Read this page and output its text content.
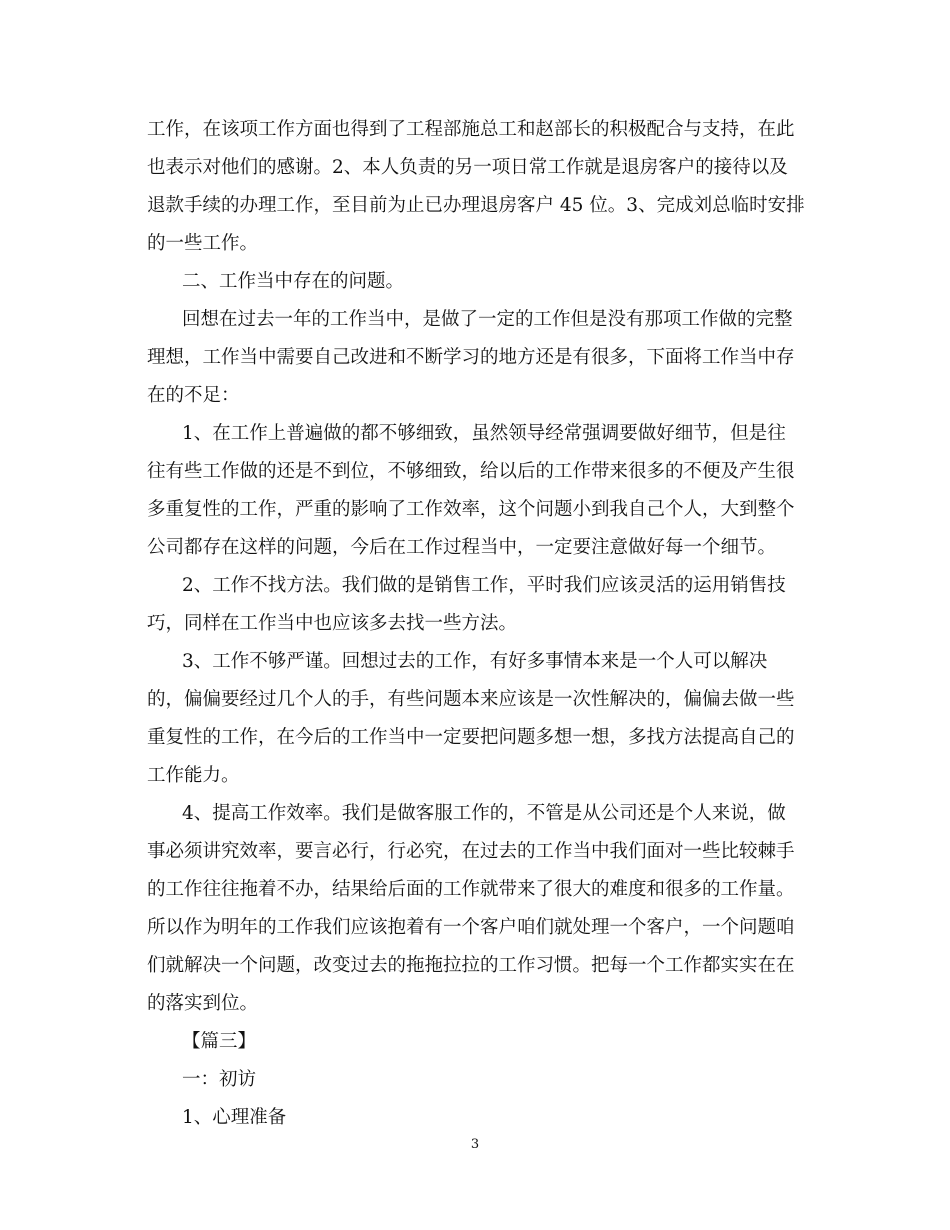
工作，在该项工作方面也得到了工程部施总工和赵部长的积极配合与支持，在此
也表示对他们的感谢。2、本人负责的另一项日常工作就是退房客户的接待以及
退款手续的办理工作，至目前为止已办理退房客户 45 位。3、完成刘总临时安排
的一些工作。
二、工作当中存在的问题。
回想在过去一年的工作当中，是做了一定的工作但是没有那项工作做的完整
理想，工作当中需要自己改进和不断学习的地方还是有很多，下面将工作当中存
在的不足：
1、在工作上普遍做的都不够细致，虽然领导经常强调要做好细节，但是往
往有些工作做的还是不到位，不够细致，给以后的工作带来很多的不便及产生很
多重复性的工作，严重的影响了工作效率，这个问题小到我自己个人，大到整个
公司都存在这样的问题，今后在工作过程当中，一定要注意做好每一个细节。
2、工作不找方法。我们做的是销售工作，平时我们应该灵活的运用销售技
巧，同样在工作当中也应该多去找一些方法。
3、工作不够严谨。回想过去的工作，有好多事情本来是一个人可以解决
的，偏偏要经过几个人的手，有些问题本来应该是一次性解决的，偏偏去做一些
重复性的工作，在今后的工作当中一定要把问题多想一想，多找方法提高自己的
工作能力。
4、提高工作效率。我们是做客服工作的，不管是从公司还是个人来说，做
事必须讲究效率，要言必行，行必究，在过去的工作当中我们面对一些比较棘手
的工作往往拖着不办，结果给后面的工作就带来了很大的难度和很多的工作量。
所以作为明年的工作我们应该抱着有一个客户咱们就处理一个客户，一个问题咱
们就解决一个问题，改变过去的拖拖拉拉的工作习惯。把每一个工作都实实在在
的落实到位。
【篇三】
一：初访
1、心理准备
3
